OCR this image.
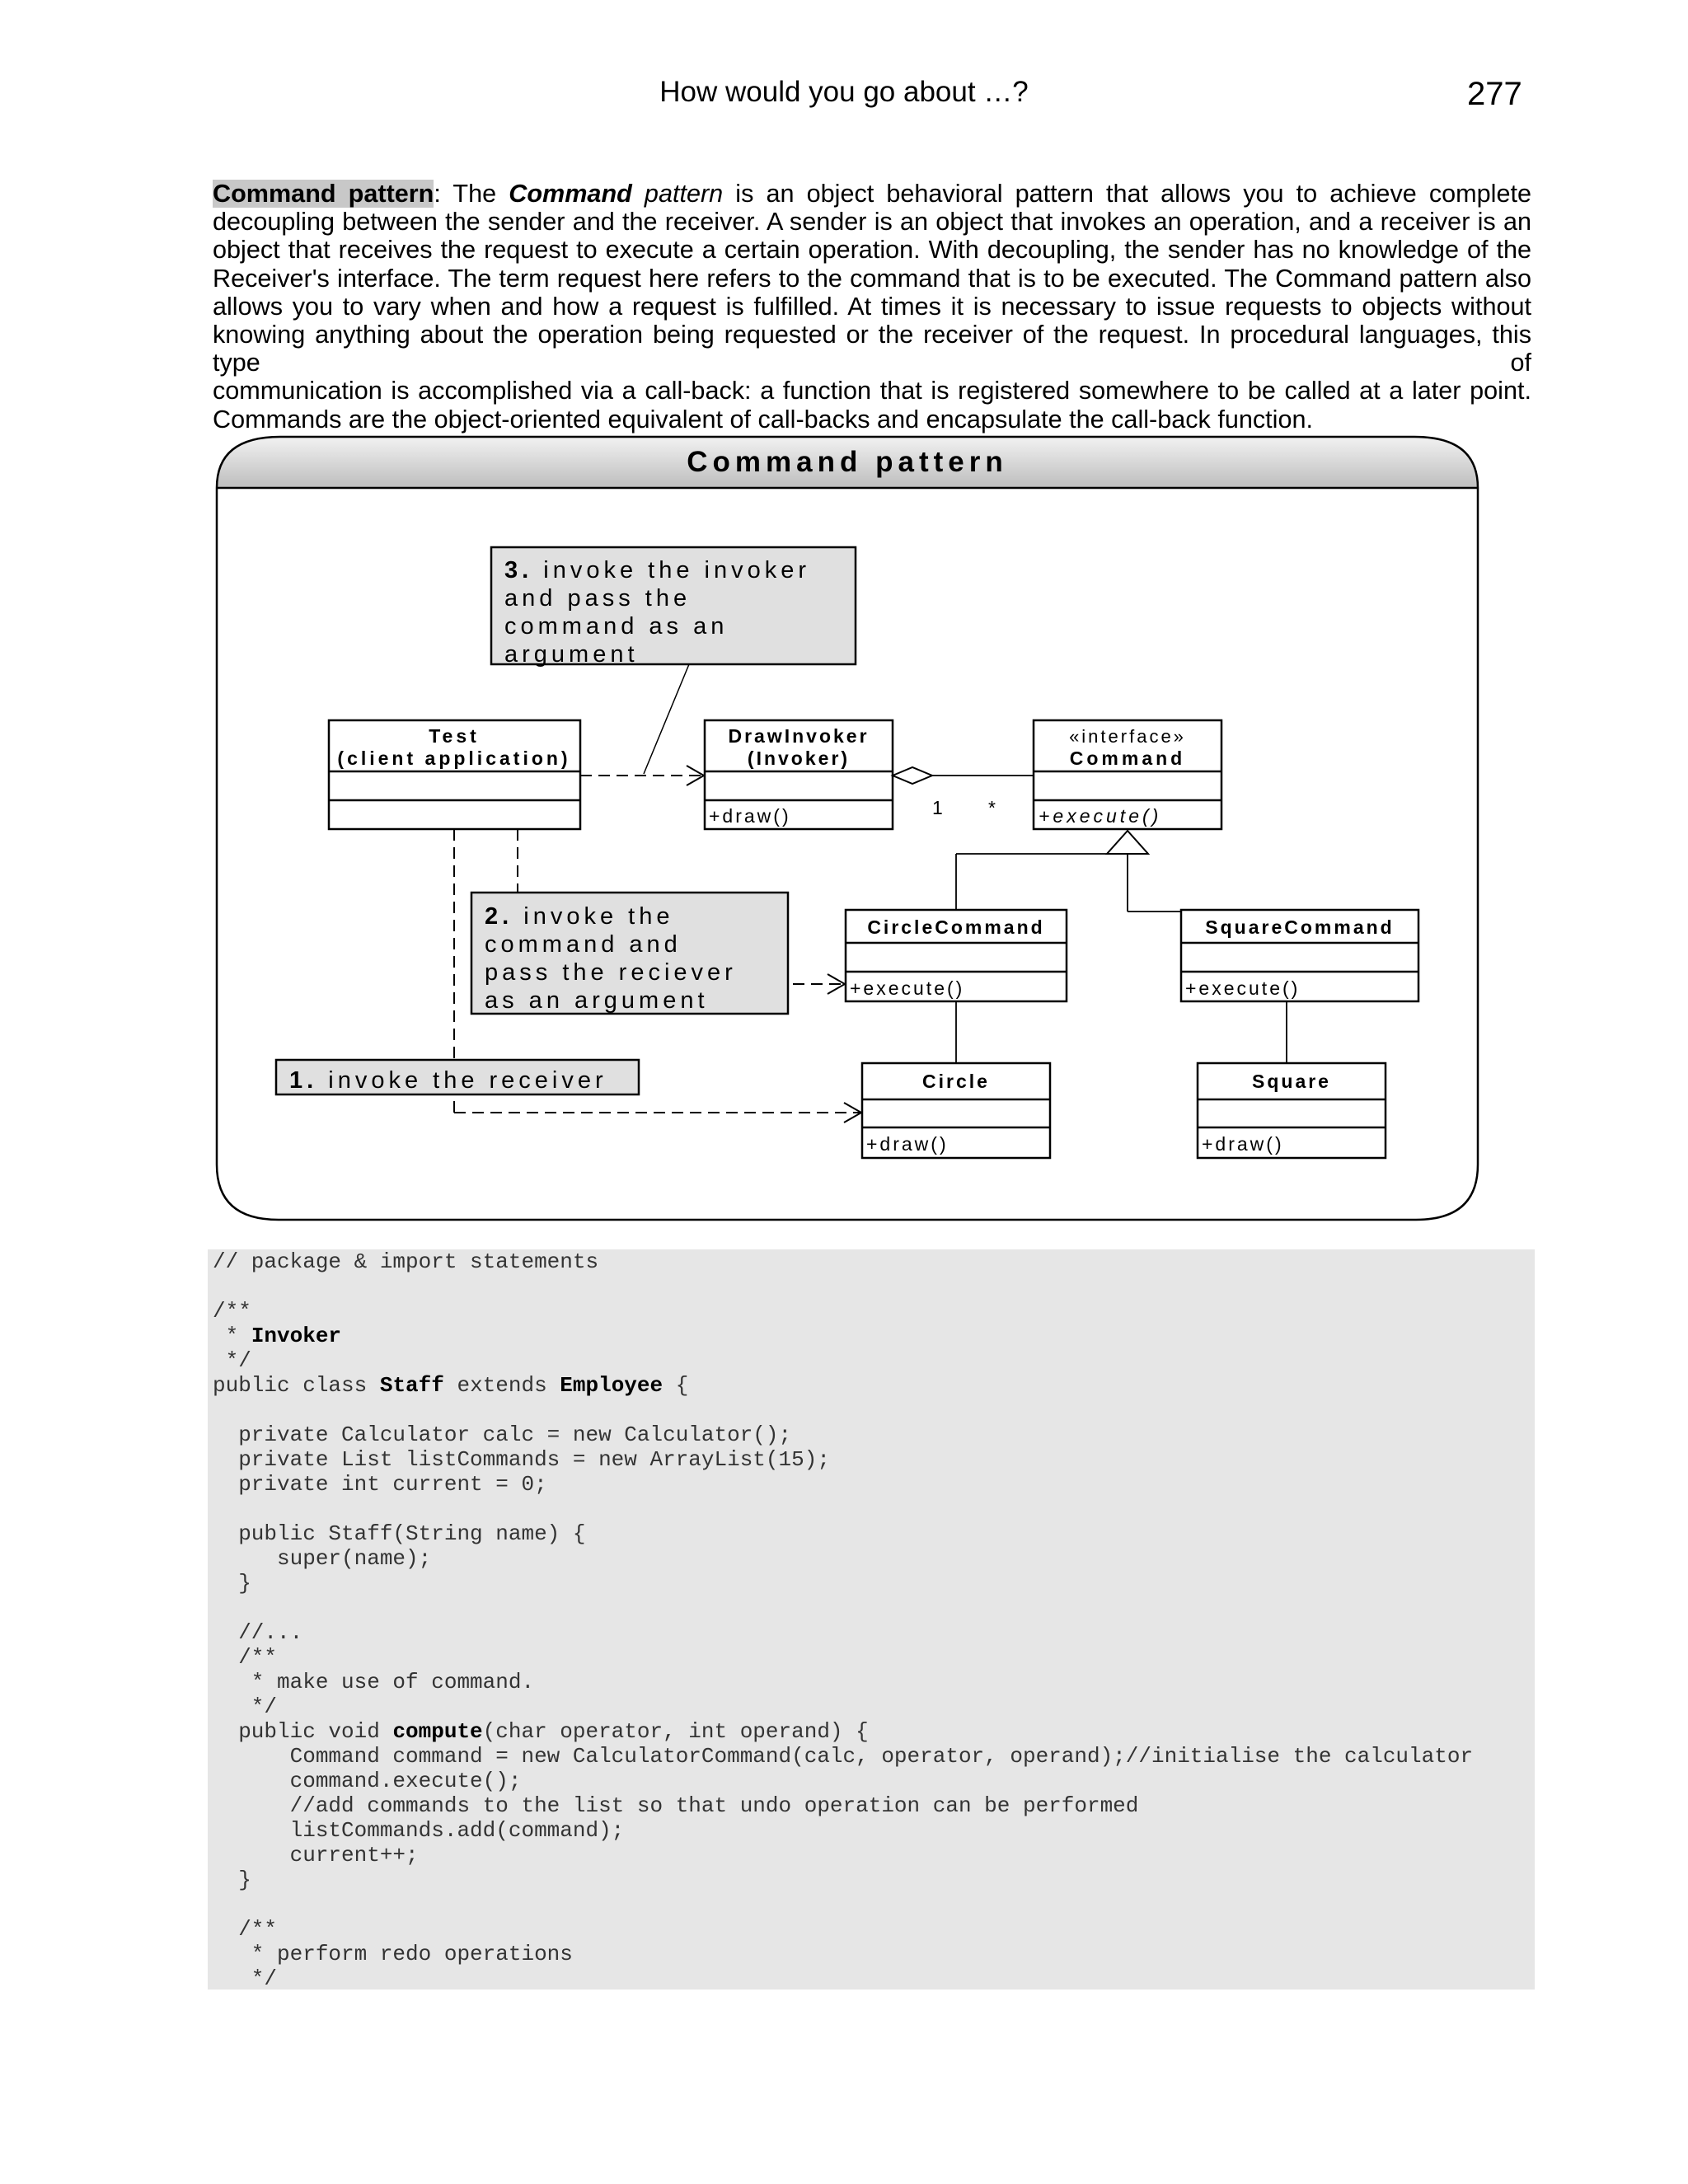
How would you go about …?	277
Command pattern: The Command pattern is an object behavioral pattern that allows you to achieve complete
decoupling between the sender and the receiver. A sender is an object that invokes an operation, and a receiver is an
object that receives the request to execute a certain operation. With decoupling, the sender has no knowledge of the
Receiver's interface. The term request here refers to the command that is to be executed. The Command pattern also
allows you to vary when and how a request is fulfilled. At times it is necessary to issue requests to objects without
knowing anything about the operation being requested or the receiver of the request. In procedural languages, this type of
communication is accomplished via a call-back: a function that is registered somewhere to be called at a later point.
Commands are the object-oriented equivalent of call-backs and encapsulate the call-back function.
Command pattern
3. invoke the invoker and pass the command as an argument
Test
(client application)
DrawInvoker
(Invoker)
+draw()
«interface»
Command
+execute()
1 *
CircleCommand
+execute()
SquareCommand
+execute()
Circle
+draw()
Square
+draw()
2. invoke the command and pass the reciever as an argument
1. invoke the receiver
// package & import statements

/**
* Invoker
*/
public class Staff extends Employee {

private Calculator calc = new Calculator();
private List listCommands = new ArrayList(15);
private int current = 0;

public Staff(String name) {
super(name);
}

//...
/**
* make use of command.
*/
public void compute(char operator, int operand) {
Command command = new CalculatorCommand(calc, operator, operand);//initialise the calculator
command.execute();
//add commands to the list so that undo operation can be performed
listCommands.add(command);
current++;
}

/**
* perform redo operations
*/
